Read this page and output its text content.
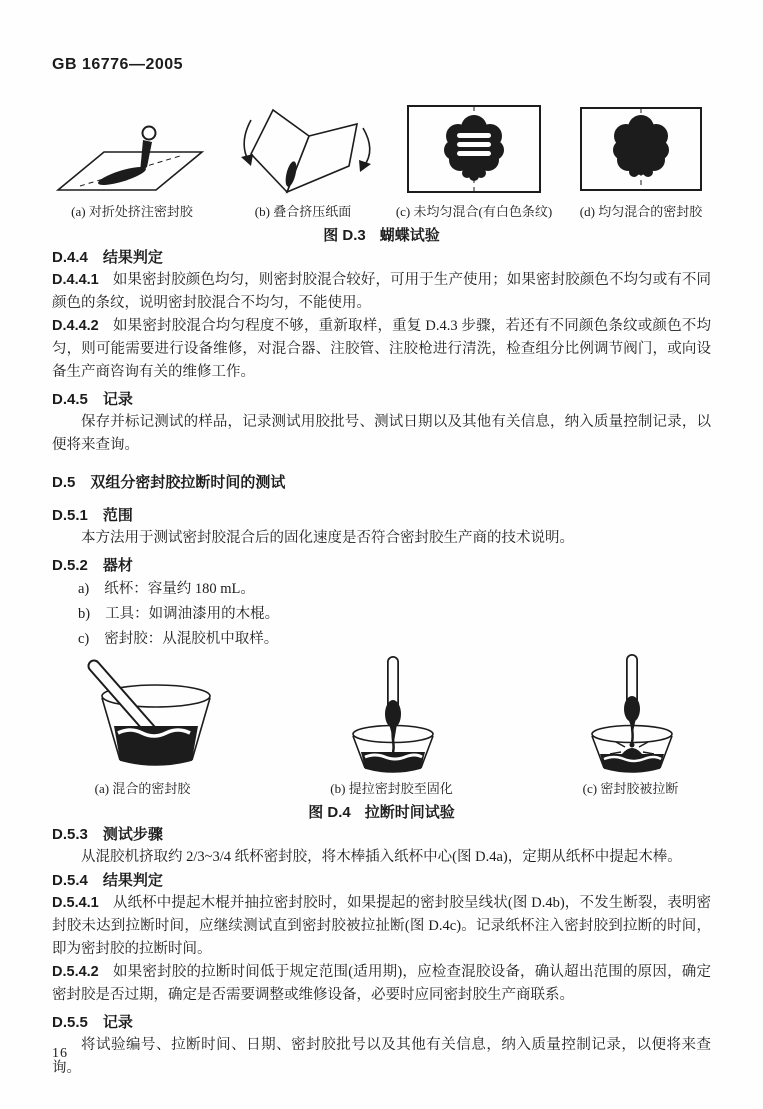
GB 16776—2005
(a) 对折处挤注密封胶	(b) 叠合挤压纸面	(c) 未均匀混合(有白色条纹) (d) 均匀混合的密封胶
图 D.3 蝴蝶试验
D.4.4 结果判定

D.4.4.1 如果密封胶颜色均匀，则密封胶混合较好，可用于生产使用；如果密封胶颜色不均匀或有不同颜色的条纹，说明密封胶混合不均匀，不能使用。

D.4.4.2 如果密封胶混合均匀程度不够，重新取样，重复 D.4.3 步骤，若还有不同颜色条纹或颜色不均匀，则可能需要进行设备维修，对混合器、注胶管、注胶枪进行清洗，检查组分比例调节阀门，或向设备生产商咨询有关的维修工作。

D.4.5 记录

保存并标记测试的样品，记录测试用胶批号、测试日期以及其他有关信息，纳入质量控制记录，以便将来查询。

D.5 双组分密封胶拉断时间的测试
D.5.1 范围

本方法用于测试密封胶混合后的固化速度是否符合密封胶生产商的技术说明。

D.5.2 器材
a) 纸杯：容量约 180 mL。
b) 工具：如调油漆用的木棍。
c) 密封胶：从混胶机中取样。
(a) 混合的密封胶	(b) 提拉密封胶至固化	(c) 密封胶被拉断
图 D.4 拉断时间试验
D.5.3 测试步骤

从混胶机挤取约 2/3~3/4 纸杯密封胶，将木棒插入纸杯中心(图 D.4a)，定期从纸杯中提起木棒。

D.5.4 结果判定

D.5.4.1 从纸杯中提起木棍并抽拉密封胶时，如果提起的密封胶呈线状(图 D.4b)，不发生断裂，表明密封胶未达到拉断时间，应继续测试直到密封胶被拉扯断(图 D.4c)。记录纸杯注入密封胶到拉断的时间，即为密封胶的拉断时间。

D.5.4.2 如果密封胶的拉断时间低于规定范围(适用期)，应检查混胶设备，确认超出范围的原因，确定密封胶是否过期，确定是否需要调整或维修设备，必要时应同密封胶生产商联系。

D.5.5 记录

将试验编号、拉断时间、日期、密封胶批号以及其他有关信息，纳入质量控制记录，以便将来查询。

16
